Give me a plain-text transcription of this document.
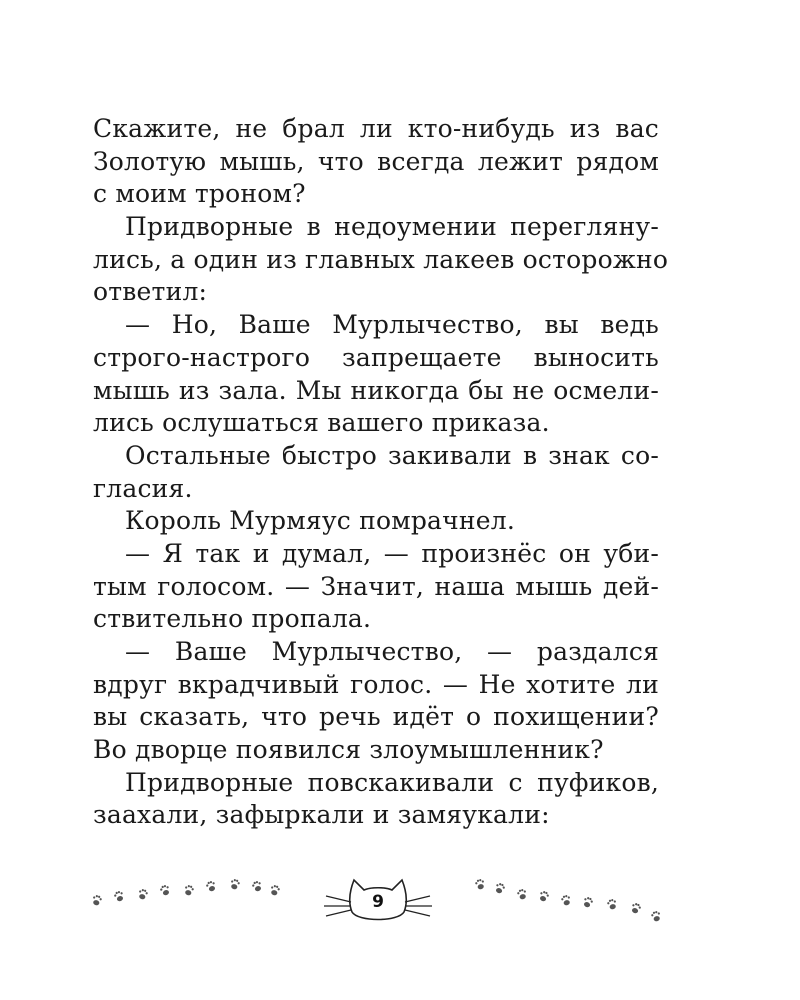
Скажите, не брал ли кто-нибудь из вас
Золотую мышь, что всегда лежит рядом
с моим троном?
Придворные в недоумении перегляну-
лись, а один из главных лакеев осторожно
ответил:
— Но, Ваше Мурлычество, вы ведь
строго-настрого запрещаете выносить
мышь из зала. Мы никогда бы не осмели-
лись ослушаться вашего приказа.
Остальные быстро закивали в знак со-
гласия.
Король Мурмяус помрачнел.
— Я так и думал, — произнёс он уби-
тым голосом. — Значит, наша мышь дей-
ствительно пропала.
— Ваше Мурлычество, — раздался
вдруг вкрадчивый голос. — Не хотите ли
вы сказать, что речь идёт о похищении?
Во дворце появился злоумышленник?
Придворные повскакивали с пуфиков,
заахали, зафыркали и замяукали:
9
